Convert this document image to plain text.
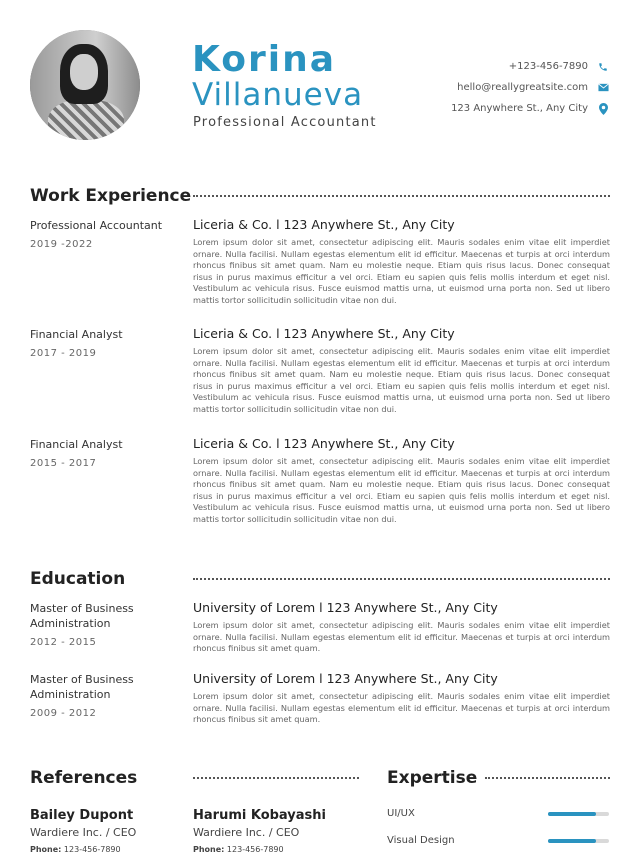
Korina
Villanueva
Professional Accountant
+123-456-7890
hello@reallygreatsite.com
123 Anywhere St., Any City
Work Experience
Professional Accountant
2019 -2022
Liceria & Co. l 123 Anywhere St., Any City
Lorem ipsum dolor sit amet, consectetur adipiscing elit. Mauris sodales enim vitae elit imperdiet ornare. Nulla facilisi. Nullam egestas elementum elit id efficitur. Maecenas et turpis at orci interdum rhoncus finibus sit amet quam. Nam eu molestie neque. Etiam quis risus lacus. Donec consequat risus in purus maximus efficitur a vel orci. Etiam eu sapien quis felis mollis interdum et eget nisl. Vestibulum ac vehicula risus. Fusce euismod mattis urna, ut euismod urna porta non. Sed ut libero mattis tortor sollicitudin sollicitudin vitae non dui.
Financial Analyst
2017 - 2019
Liceria & Co. l 123 Anywhere St., Any City
Lorem ipsum dolor sit amet, consectetur adipiscing elit. Mauris sodales enim vitae elit imperdiet ornare. Nulla facilisi. Nullam egestas elementum elit id efficitur. Maecenas et turpis at orci interdum rhoncus finibus sit amet quam. Nam eu molestie neque. Etiam quis risus lacus. Donec consequat risus in purus maximus efficitur a vel orci. Etiam eu sapien quis felis mollis interdum et eget nisl. Vestibulum ac vehicula risus. Fusce euismod mattis urna, ut euismod urna porta non. Sed ut libero mattis tortor sollicitudin sollicitudin vitae non dui.
Financial Analyst
2015 - 2017
Liceria & Co. l 123 Anywhere St., Any City
Lorem ipsum dolor sit amet, consectetur adipiscing elit. Mauris sodales enim vitae elit imperdiet ornare. Nulla facilisi. Nullam egestas elementum elit id efficitur. Maecenas et turpis at orci interdum rhoncus finibus sit amet quam. Nam eu molestie neque. Etiam quis risus lacus. Donec consequat risus in purus maximus efficitur a vel orci. Etiam eu sapien quis felis mollis interdum et eget nisl. Vestibulum ac vehicula risus. Fusce euismod mattis urna, ut euismod urna porta non. Sed ut libero mattis tortor sollicitudin sollicitudin vitae non dui.
Education
Master of Business Administration
2012 - 2015
University of Lorem l 123 Anywhere St., Any City
Lorem ipsum dolor sit amet, consectetur adipiscing elit. Mauris sodales enim vitae elit imperdiet ornare. Nulla facilisi. Nullam egestas elementum elit id efficitur. Maecenas et turpis at orci interdum rhoncus finibus sit amet quam.
Master of Business Administration
2009 - 2012
University of Lorem l 123 Anywhere St., Any City
Lorem ipsum dolor sit amet, consectetur adipiscing elit. Mauris sodales enim vitae elit imperdiet ornare. Nulla facilisi. Nullam egestas elementum elit id efficitur. Maecenas et turpis at orci interdum rhoncus finibus sit amet quam.
References
Bailey Dupont
Wardiere Inc. / CEO
Phone: 123-456-7890
Harumi Kobayashi
Wardiere Inc. / CEO
Phone: 123-456-7890
Expertise
UI/UX
Visual Design
